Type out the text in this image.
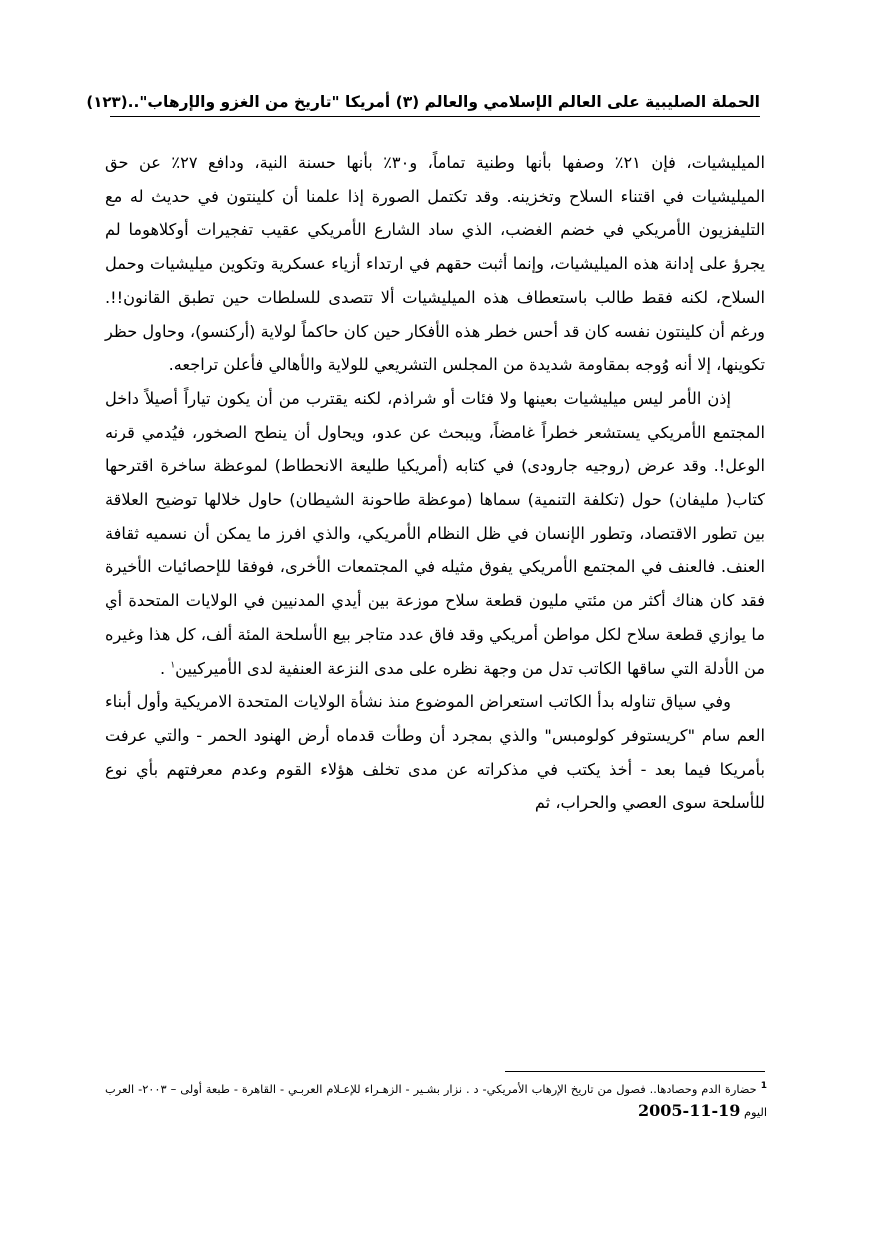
الحملة الصليبية على العالم الإسلامي والعالم (٣) أمريكا "تاريخ من الغزو والإرهاب"..
(١٢٣)

الميليشيات، فإن ٢١٪ وصفها بأنها وطنية تماماً، و٣٠٪ بأنها حسنة النية، ودافع ٢٧٪ عن حق الميليشيات في اقتناء السلاح وتخزينه. وقد تكتمل الصورة إذا علمنا أن كلينتون في حديث له مع التليفزيون الأمريكي في خضم الغضب، الذي ساد الشارع الأمريكي عقيب تفجيرات أوكلاهوما لم يجرؤ على إدانة هذه الميليشيات، وإنما أثبت حقهم في ارتداء أزياء عسكرية وتكوين ميليشيات وحمل السلاح، لكنه فقط طالب باستعطاف هذه الميليشيات ألا تتصدى للسلطات حين تطبق القانون!!. ورغم أن كلينتون نفسه كان قد أحس خطر هذه الأفكار حين كان حاكماً لولاية (أركنسو)، وحاول حظر تكوينها، إلا أنه وُوجه بمقاومة شديدة من المجلس التشريعي للولاية والأهالي فأعلن تراجعه.

إذن الأمر ليس ميليشيات بعينها ولا فئات أو شراذم، لكنه يقترب من أن يكون تياراً أصيلاً داخل المجتمع الأمريكي يستشعر خطراً غامضاً، ويبحث عن عدو، ويحاول أن ينطح الصخور، فيُدمي قرنه الوعل!. وقد عرض (روجيه جارودى) في كتابه (أمريكيا طليعة الانحطاط) لموعظة ساخرة اقترحها كتاب( مليفان) حول (تكلفة التنمية) سماها (موعظة طاحونة الشيطان) حاول خلالها توضيح العلاقة بين تطور الاقتصاد، وتطور الإنسان في ظل النظام الأمريكي، والذي افرز ما يمكن أن نسميه ثقافة العنف. فالعنف في المجتمع الأمريكي يفوق مثيله في المجتمعات الأخرى، فوفقا للإحصائيات الأخيرة فقد كان هناك أكثر من مئتي مليون قطعة سلاح موزعة بين أيدي المدنيين في الولايات المتحدة أي ما يوازي قطعة سلاح لكل مواطن أمريكي وقد فاق عدد متاجر بيع الأسلحة المئة ألف، كل هذا وغيره من الأدلة التي ساقها الكاتب تدل من وجهة نظره على مدى النزعة العنفية لدى الأميركيين$^١$ .

وفي سياق تناوله بدأ الكاتب استعراض الموضوع منذ نشأة الولايات المتحدة الامريكية وأول أبناء العم سام "كريستوفر كولومبس" والذي بمجرد أن وطأت قدماه أرض الهنود الحمر - والتي عرفت بأمريكا فيما بعد - أخذ يكتب في مذكراته عن مدى تخلف هؤلاء القوم وعدم معرفتهم بأي نوع للأسلحة سوى العصي والحراب، ثم

$^1$حضارة الدم وحصادها.. فصول من تاريخ الإرهاب الأمريكي- د . نزار بشـير - الزهـراء للإعـلام العربـي - القاهرة - طبعة أولى – ٢٠٠٣- العرب اليوم 2005-11-19
